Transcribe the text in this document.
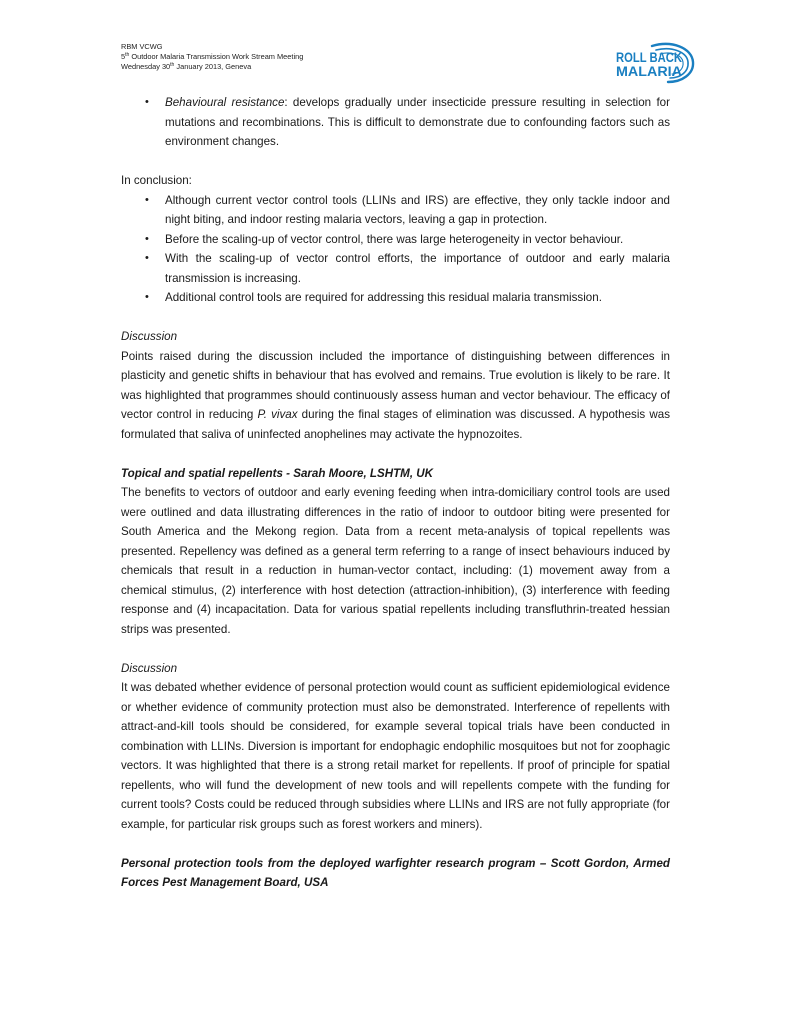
RBM VCWG
5th Outdoor Malaria Transmission Work Stream Meeting
Wednesday 30th January 2013, Geneva
ROLL BACK
MALARIA
• Behavioural resistance: develops gradually under insecticide pressure resulting in selection for mutations and recombinations. This is difficult to demonstrate due to confounding factors such as environment changes.

In conclusion:

• Although current vector control tools (LLINs and IRS) are effective, they only tackle indoor and night biting, and indoor resting malaria vectors, leaving a gap in protection.
• Before the scaling-up of vector control, there was large heterogeneity in vector behaviour.
• With the scaling-up of vector control efforts, the importance of outdoor and early malaria transmission is increasing.
• Additional control tools are required for addressing this residual malaria transmission.

Discussion

Points raised during the discussion included the importance of distinguishing between differences in plasticity and genetic shifts in behaviour that has evolved and remains. True evolution is likely to be rare. It was highlighted that programmes should continuously assess human and vector behaviour. The efficacy of vector control in reducing P. vivax during the final stages of elimination was discussed. A hypothesis was formulated that saliva of uninfected anophelines may activate the hypnozoites.

Topical and spatial repellents - Sarah Moore, LSHTM, UK

The benefits to vectors of outdoor and early evening feeding when intra-domiciliary control tools are used were outlined and data illustrating differences in the ratio of indoor to outdoor biting were presented for South America and the Mekong region. Data from a recent meta-analysis of topical repellents was presented. Repellency was defined as a general term referring to a range of insect behaviours induced by chemicals that result in a reduction in human-vector contact, including: (1) movement away from a chemical stimulus, (2) interference with host detection (attraction-inhibition), (3) interference with feeding response and (4) incapacitation. Data for various spatial repellents including transfluthrin-treated hessian strips was presented.

Discussion

It was debated whether evidence of personal protection would count as sufficient epidemiological evidence or whether evidence of community protection must also be demonstrated. Interference of repellents with attract-and-kill tools should be considered, for example several topical trials have been conducted in combination with LLINs. Diversion is important for endophagic endophilic mosquitoes but not for zoophagic vectors. It was highlighted that there is a strong retail market for repellents. If proof of principle for spatial repellents, who will fund the development of new tools and will repellents compete with the funding for current tools? Costs could be reduced through subsidies where LLINs and IRS are not fully appropriate (for example, for particular risk groups such as forest workers and miners).

Personal protection tools from the deployed warfighter research program – Scott Gordon, Armed Forces Pest Management Board, USA
